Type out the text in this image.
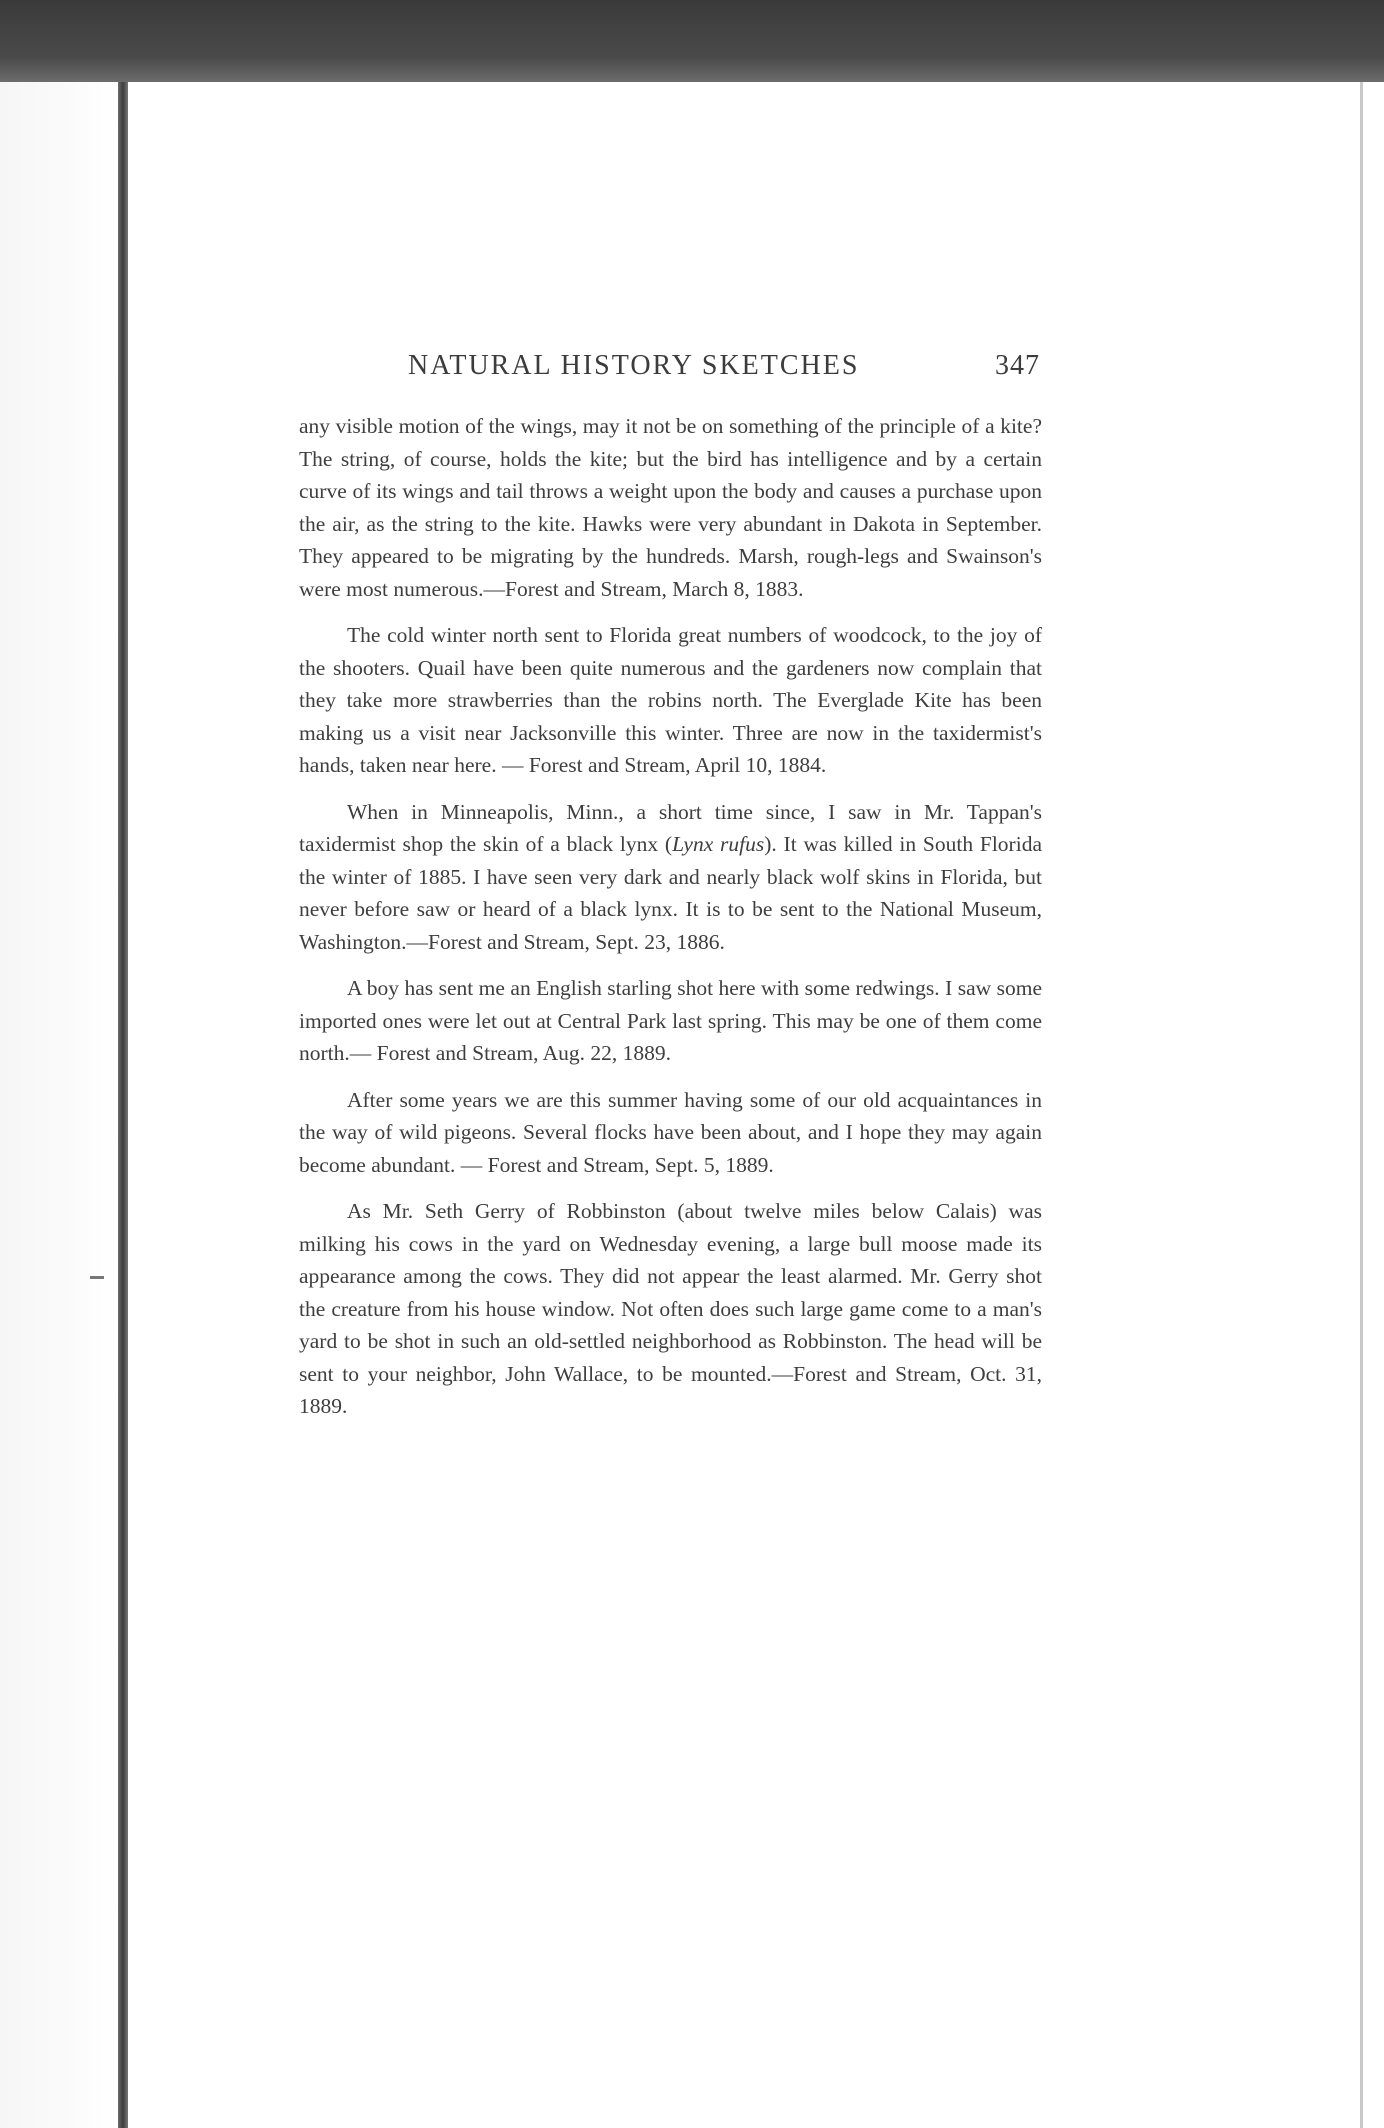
NATURAL HISTORY SKETCHES	347

any visible motion of the wings, may it not be on something of the principle of a kite? The string, of course, holds the kite; but the bird has intelligence and by a certain curve of its wings and tail throws a weight upon the body and causes a purchase upon the air, as the string to the kite. Hawks were very abundant in Dakota in September. They appeared to be migrating by the hundreds. Marsh, rough-legs and Swainson's were most numerous.—Forest and Stream, March 8, 1883.

The cold winter north sent to Florida great numbers of woodcock, to the joy of the shooters. Quail have been quite numerous and the gardeners now complain that they take more strawberries than the robins north. The Everglade Kite has been making us a visit near Jacksonville this winter. Three are now in the taxidermist's hands, taken near here. — Forest and Stream, April 10, 1884.

When in Minneapolis, Minn., a short time since, I saw in Mr. Tappan's taxidermist shop the skin of a black lynx (Lynx rufus). It was killed in South Florida the winter of 1885. I have seen very dark and nearly black wolf skins in Florida, but never before saw or heard of a black lynx. It is to be sent to the National Museum, Washington.—Forest and Stream, Sept. 23, 1886.

A boy has sent me an English starling shot here with some redwings. I saw some imported ones were let out at Central Park last spring. This may be one of them come north.— Forest and Stream, Aug. 22, 1889.

After some years we are this summer having some of our old acquaintances in the way of wild pigeons. Several flocks have been about, and I hope they may again become abundant. — Forest and Stream, Sept. 5, 1889.

As Mr. Seth Gerry of Robbinston (about twelve miles below Calais) was milking his cows in the yard on Wednesday evening, a large bull moose made its appearance among the cows. They did not appear the least alarmed. Mr. Gerry shot the creature from his house window. Not often does such large game come to a man's yard to be shot in such an old-settled neighborhood as Robbinston. The head will be sent to your neighbor, John Wallace, to be mounted.—Forest and Stream, Oct. 31, 1889.
